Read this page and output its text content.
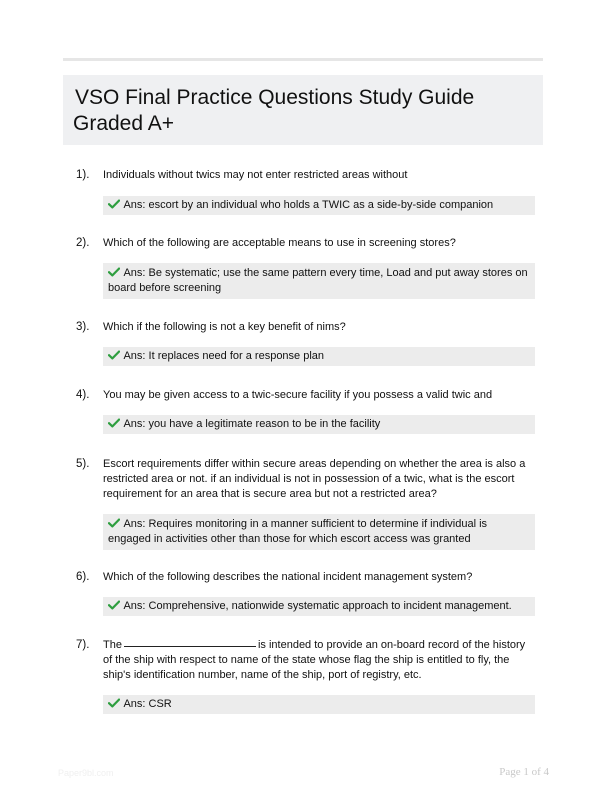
VSO Final Practice Questions Study Guide
Graded A+
1). Individuals without twics may not enter restricted areas without
Ans: escort by an individual who holds a TWIC as a side-by-side companion
2). Which of the following are acceptable means to use in screening stores?
Ans: Be systematic; use the same pattern every time, Load and put away stores on board before screening
3). Which if the following is not a key benefit of nims?
Ans: It replaces need for a response plan
4). You may be given access to a twic-secure facility if you possess a valid twic and
Ans: you have a legitimate reason to be in the facility
5). Escort requirements differ within secure areas depending on whether the area is also a restricted area or not. if an individual is not in possession of a twic, what is the escort requirement for an area that is secure area but not a restricted area?
Ans: Requires monitoring in a manner sufficient to determine if individual is engaged in activities other than those for which escort access was granted
6). Which of the following describes the national incident management system?
Ans: Comprehensive, nationwide systematic approach to incident management.
7). The	is intended to provide an on-board record of the history of the ship with respect to name of the state whose flag the ship is entitled to fly, the ship's identification number, name of the ship, port of registry, etc.
Ans: CSR
Paper9bl.com	Page 1 of 4
